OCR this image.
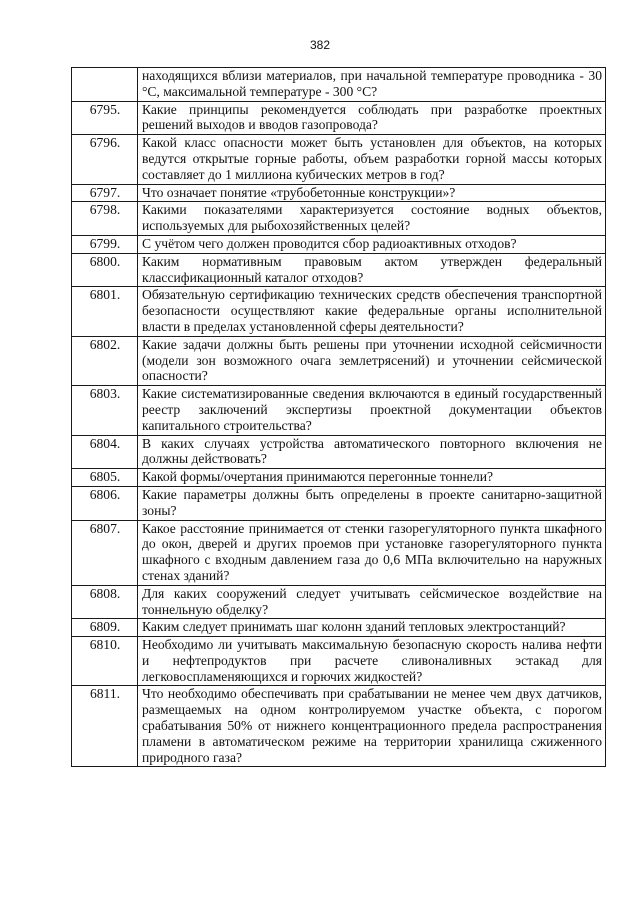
382
	находящихся вблизи материалов, при начальной температуре проводника - 30 °С, максимальной температуре - 300 °С?
6795.	Какие принципы рекомендуется соблюдать при разработке проектных решений выходов и вводов газопровода?
6796.	Какой класс опасности может быть установлен для объектов, на которых ведутся открытые горные работы, объем разработки горной массы которых составляет до 1 миллиона кубических метров в год?
6797.	Что означает понятие «трубобетонные конструкции»?
6798.	Какими показателями характеризуется состояние водных объектов, используемых для рыбохозяйственных целей?
6799.	С учётом чего должен проводится сбор радиоактивных отходов?
6800.	Каким нормативным правовым актом утвержден федеральный классификационный каталог отходов?
6801.	Обязательную сертификацию технических средств обеспечения транспортной безопасности осуществляют какие федеральные органы исполнительной власти в пределах установленной сферы деятельности?
6802.	Какие задачи должны быть решены при уточнении исходной сейсмичности (модели зон возможного очага землетрясений) и уточнении сейсмической опасности?
6803.	Какие систематизированные сведения включаются в единый государственный реестр заключений экспертизы проектной документации объектов капитального строительства?
6804.	В каких случаях устройства автоматического повторного включения не должны действовать?
6805.	Какой формы/очертания принимаются перегонные тоннели?
6806.	Какие параметры должны быть определены в проекте санитарно-защитной зоны?
6807.	Какое расстояние принимается от стенки газорегуляторного пункта шкафного до окон, дверей и других проемов при установке газорегуляторного пункта шкафного с входным давлением газа до 0,6 МПа включительно на наружных стенах зданий?
6808.	Для каких сооружений следует учитывать сейсмическое воздействие на тоннельную обделку?
6809.	Каким следует принимать шаг колонн зданий тепловых электростанций?
6810.	Необходимо ли учитывать максимальную безопасную скорость налива нефти и нефтепродуктов при расчете сливоналивных эстакад для легковоспламеняющихся и горючих жидкостей?
6811.	Что необходимо обеспечивать при срабатывании не менее чем двух датчиков, размещаемых на одном контролируемом участке объекта, с порогом срабатывания 50% от нижнего концентрационного предела распространения пламени в автоматическом режиме на территории хранилища сжиженного природного газа?
